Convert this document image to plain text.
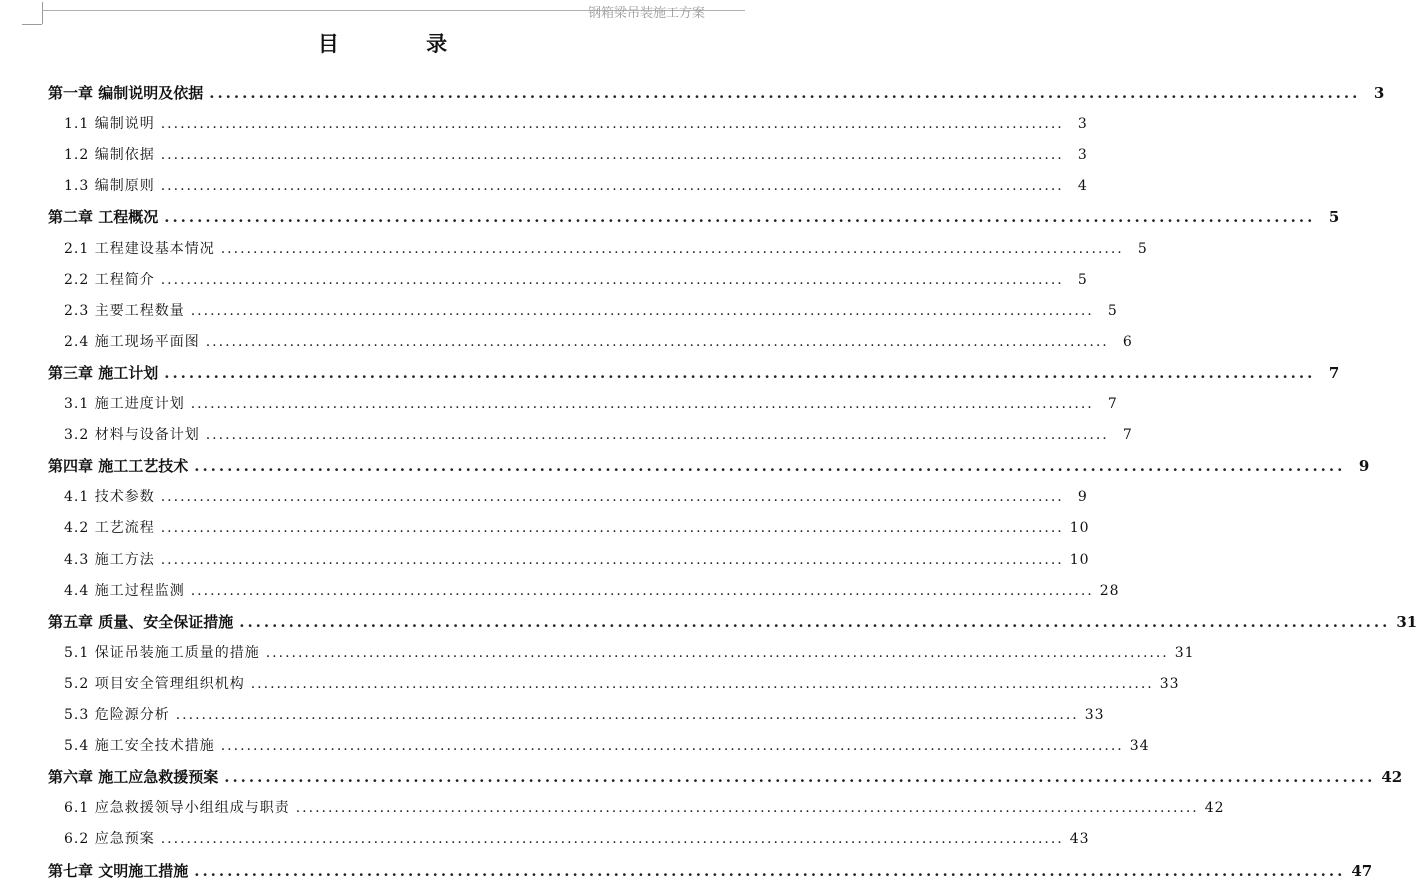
钢箱梁吊装施工方案
目 录
第一章 编制说明及依据 ............................................................................................................................................ 3
1.1 编制说明 ............................................................................................................................................	3
1.2 编制依据 ............................................................................................................................................	3
1.3 编制原则 ............................................................................................................................................	4
第二章 工程概况 ............................................................................................................................................ 5
2.1 工程建设基本情况 ............................................................................................................................................	5
2.2 工程简介 ............................................................................................................................................	5
2.3 主要工程数量 ............................................................................................................................................	5
2.4 施工现场平面图 ............................................................................................................................................	6
第三章 施工计划 ............................................................................................................................................ 7
3.1 施工进度计划 ............................................................................................................................................	7
3.2 材料与设备计划 ............................................................................................................................................	7
第四章 施工工艺技术 ............................................................................................................................................ 9
4.1 技术参数 ............................................................................................................................................	9
4.2 工艺流程 ............................................................................................................................................ 10
4.3 施工方法 ............................................................................................................................................ 10
4.4 施工过程监测 ............................................................................................................................................ 28
第五章 质量、安全保证措施 ............................................................................................................................................ 31
5.1 保证吊装施工质量的措施 ............................................................................................................................................ 31
5.2 项目安全管理组织机构 ............................................................................................................................................ 33
5.3 危险源分析 ............................................................................................................................................ 33
5.4 施工安全技术措施 ............................................................................................................................................ 34
第六章 施工应急救援预案 ............................................................................................................................................ 42
6.1 应急救援领导小组组成与职责 ............................................................................................................................................ 42
6.2 应急预案 ............................................................................................................................................ 43
第七章 文明施工措施 ............................................................................................................................................ 47
